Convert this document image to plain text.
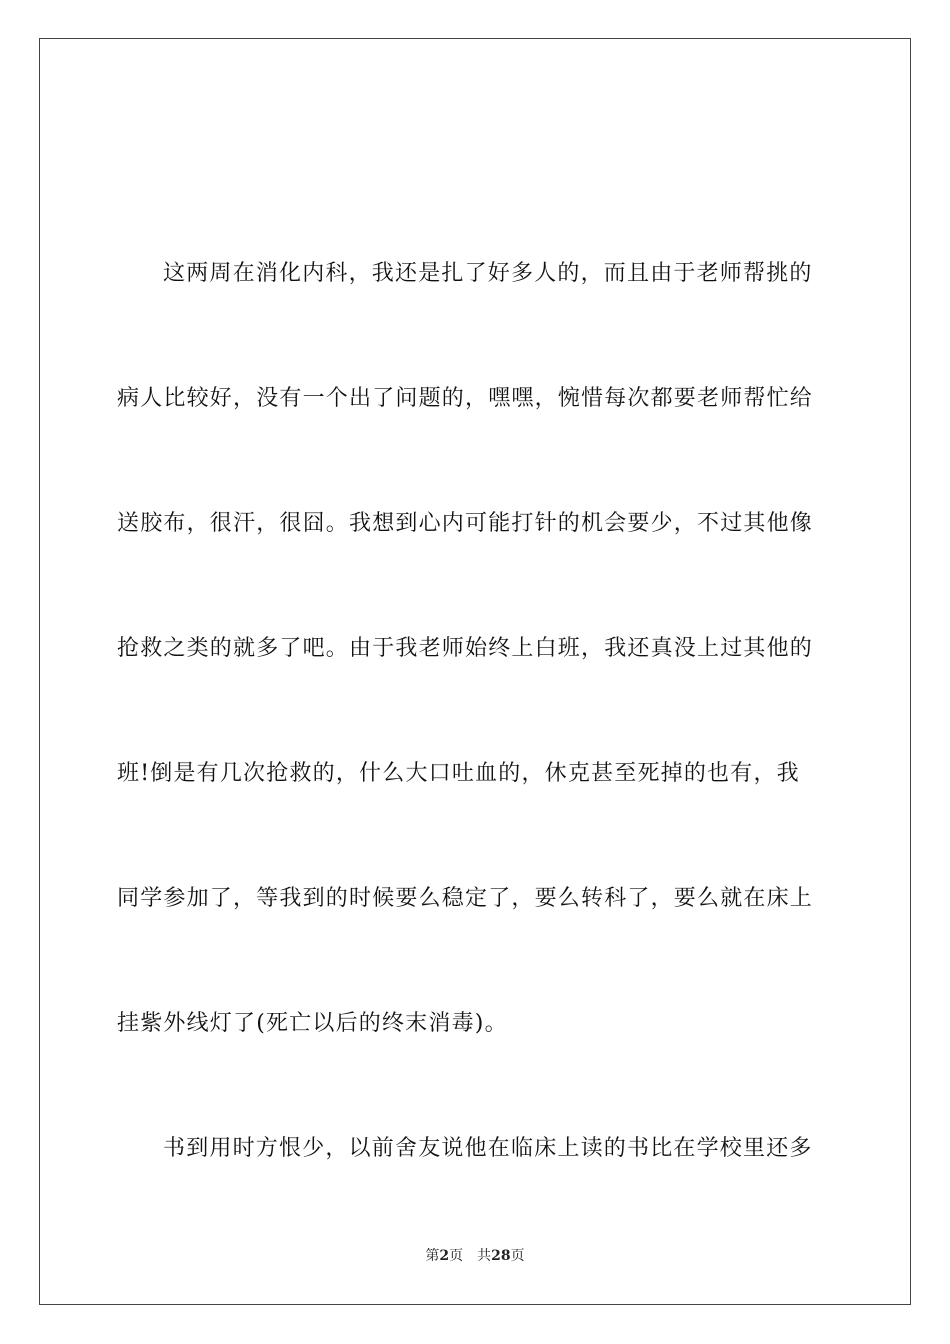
这两周在消化内科，我还是扎了好多人的，而且由于老师帮挑的
病人比较好，没有一个出了问题的，嘿嘿，惋惜每次都要老师帮忙给
送胶布，很汗，很囧。我想到心内可能打针的机会要少，不过其他像
抢救之类的就多了吧。由于我老师始终上白班，我还真没上过其他的
班!倒是有几次抢救的，什么大口吐血的，休克甚至死掉的也有，我
同学参加了，等我到的时候要么稳定了，要么转科了，要么就在床上
挂紫外线灯了(死亡以后的终末消毒)。
书到用时方恨少，以前舍友说他在临床上读的书比在学校里还多
第2页 共28页
